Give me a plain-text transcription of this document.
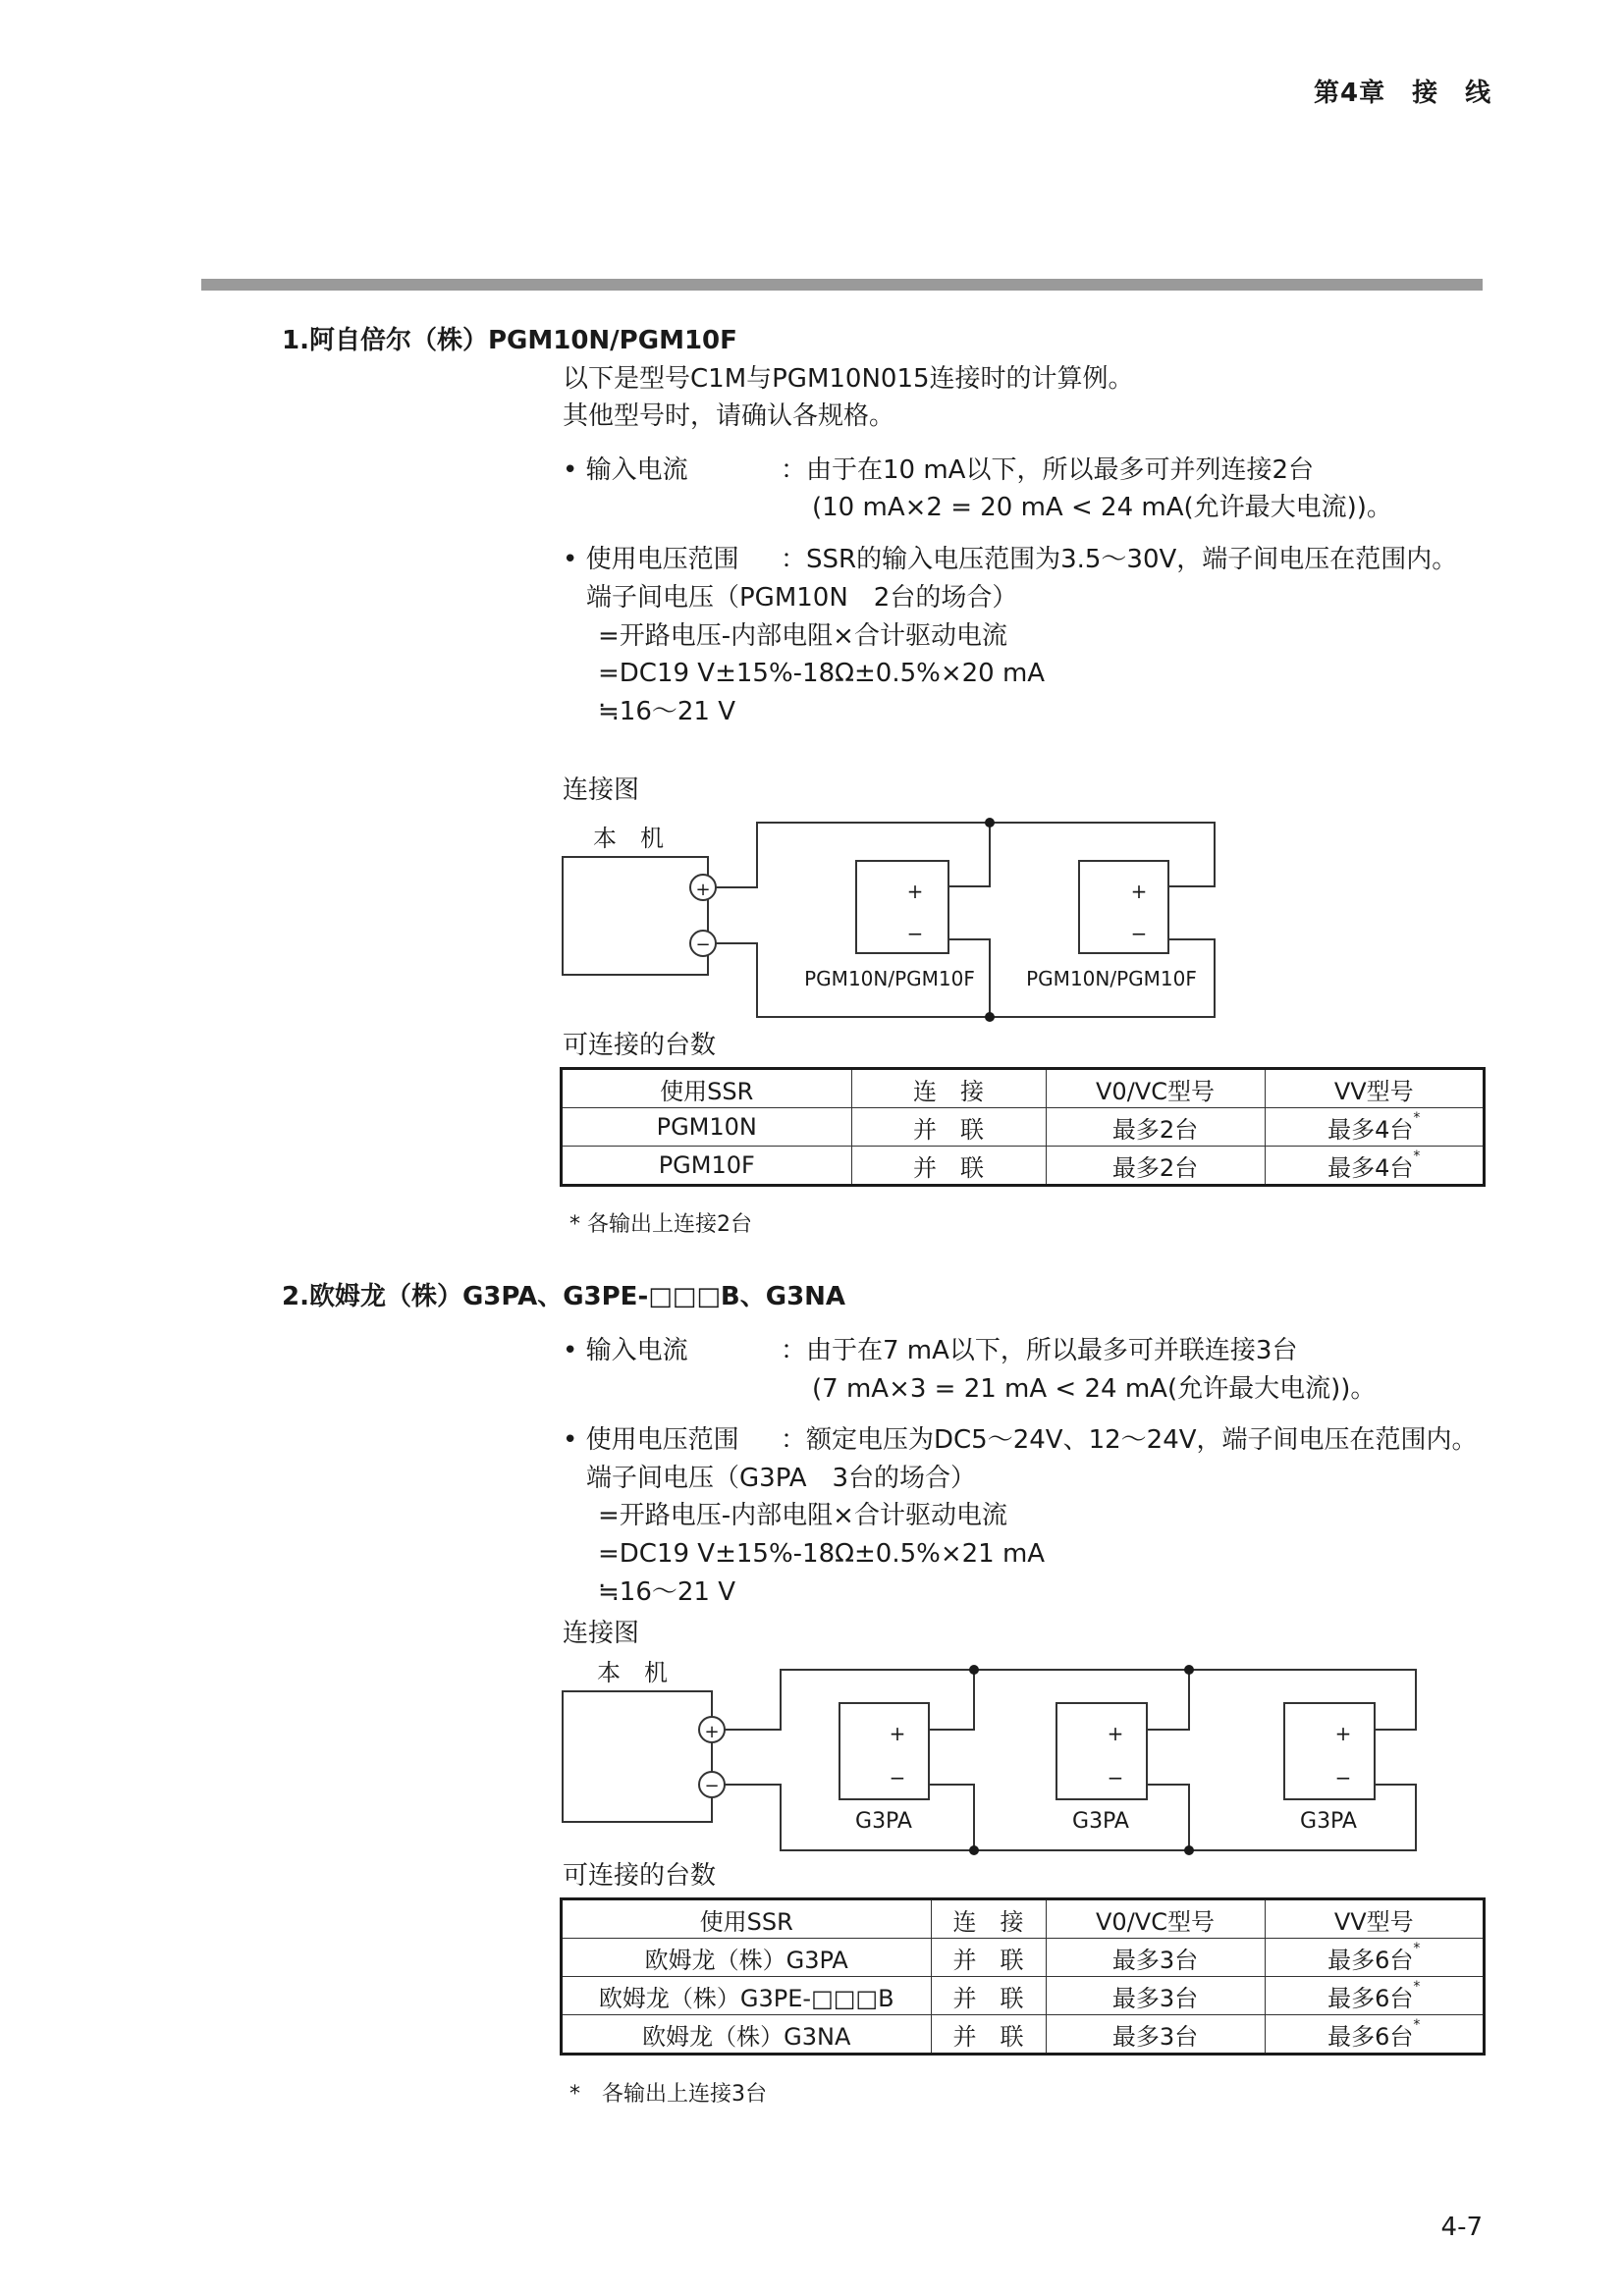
第4章　接　线
1.阿自倍尔（株）PGM10N/PGM10F
以下是型号C1M与PGM10N015连接时的计算例。
其他型号时，请确认各规格。
• 输入电流	：由于在10 mA以下，所以最多可并列连接2台
(10 mA×2 = 20 mA < 24 mA(允许最大电流))。
• 使用电压范围 ：SSR的输入电压范围为3.5～30V，端子间电压在范围内。
端子间电压（PGM10N　2台的场合）
=开路电压-内部电阻×合计驱动电流
=DC19 V±15%-18Ω±0.5%×20 mA
≒16～21 V
连接图
本　机
+
−
+
−
PGM10N/PGM10F
+
−
PGM10N/PGM10F
可连接的台数
使用SSR	连　接	V0/VC型号	VV型号
PGM10N	并　联	最多2台	最多4台*
PGM10F	并　联	最多2台	最多4台*
* 各输出上连接2台
2.欧姆龙（株）G3PA、G3PE-□□□B、G3NA
• 输入电流	：由于在7 mA以下，所以最多可并联连接3台
(7 mA×3 = 21 mA < 24 mA(允许最大电流))。
• 使用电压范围 ：额定电压为DC5～24V、12～24V，端子间电压在范围内。
端子间电压（G3PA　3台的场合）
=开路电压-内部电阻×合计驱动电流
=DC19 V±15%-18Ω±0.5%×21 mA
≒16～21 V
连接图
本　机
+
−
+
−
G3PA
+
−
G3PA
+
−
G3PA
可连接的台数
使用SSR	连　接	V0/VC型号	VV型号
欧姆龙（株）G3PA	并　联	最多3台	最多6台*
欧姆龙（株）G3PE-□□□B	并　联	最多3台	最多6台*
欧姆龙（株）G3NA	并　联	最多3台	最多6台*
*　各输出上连接3台
4-7
